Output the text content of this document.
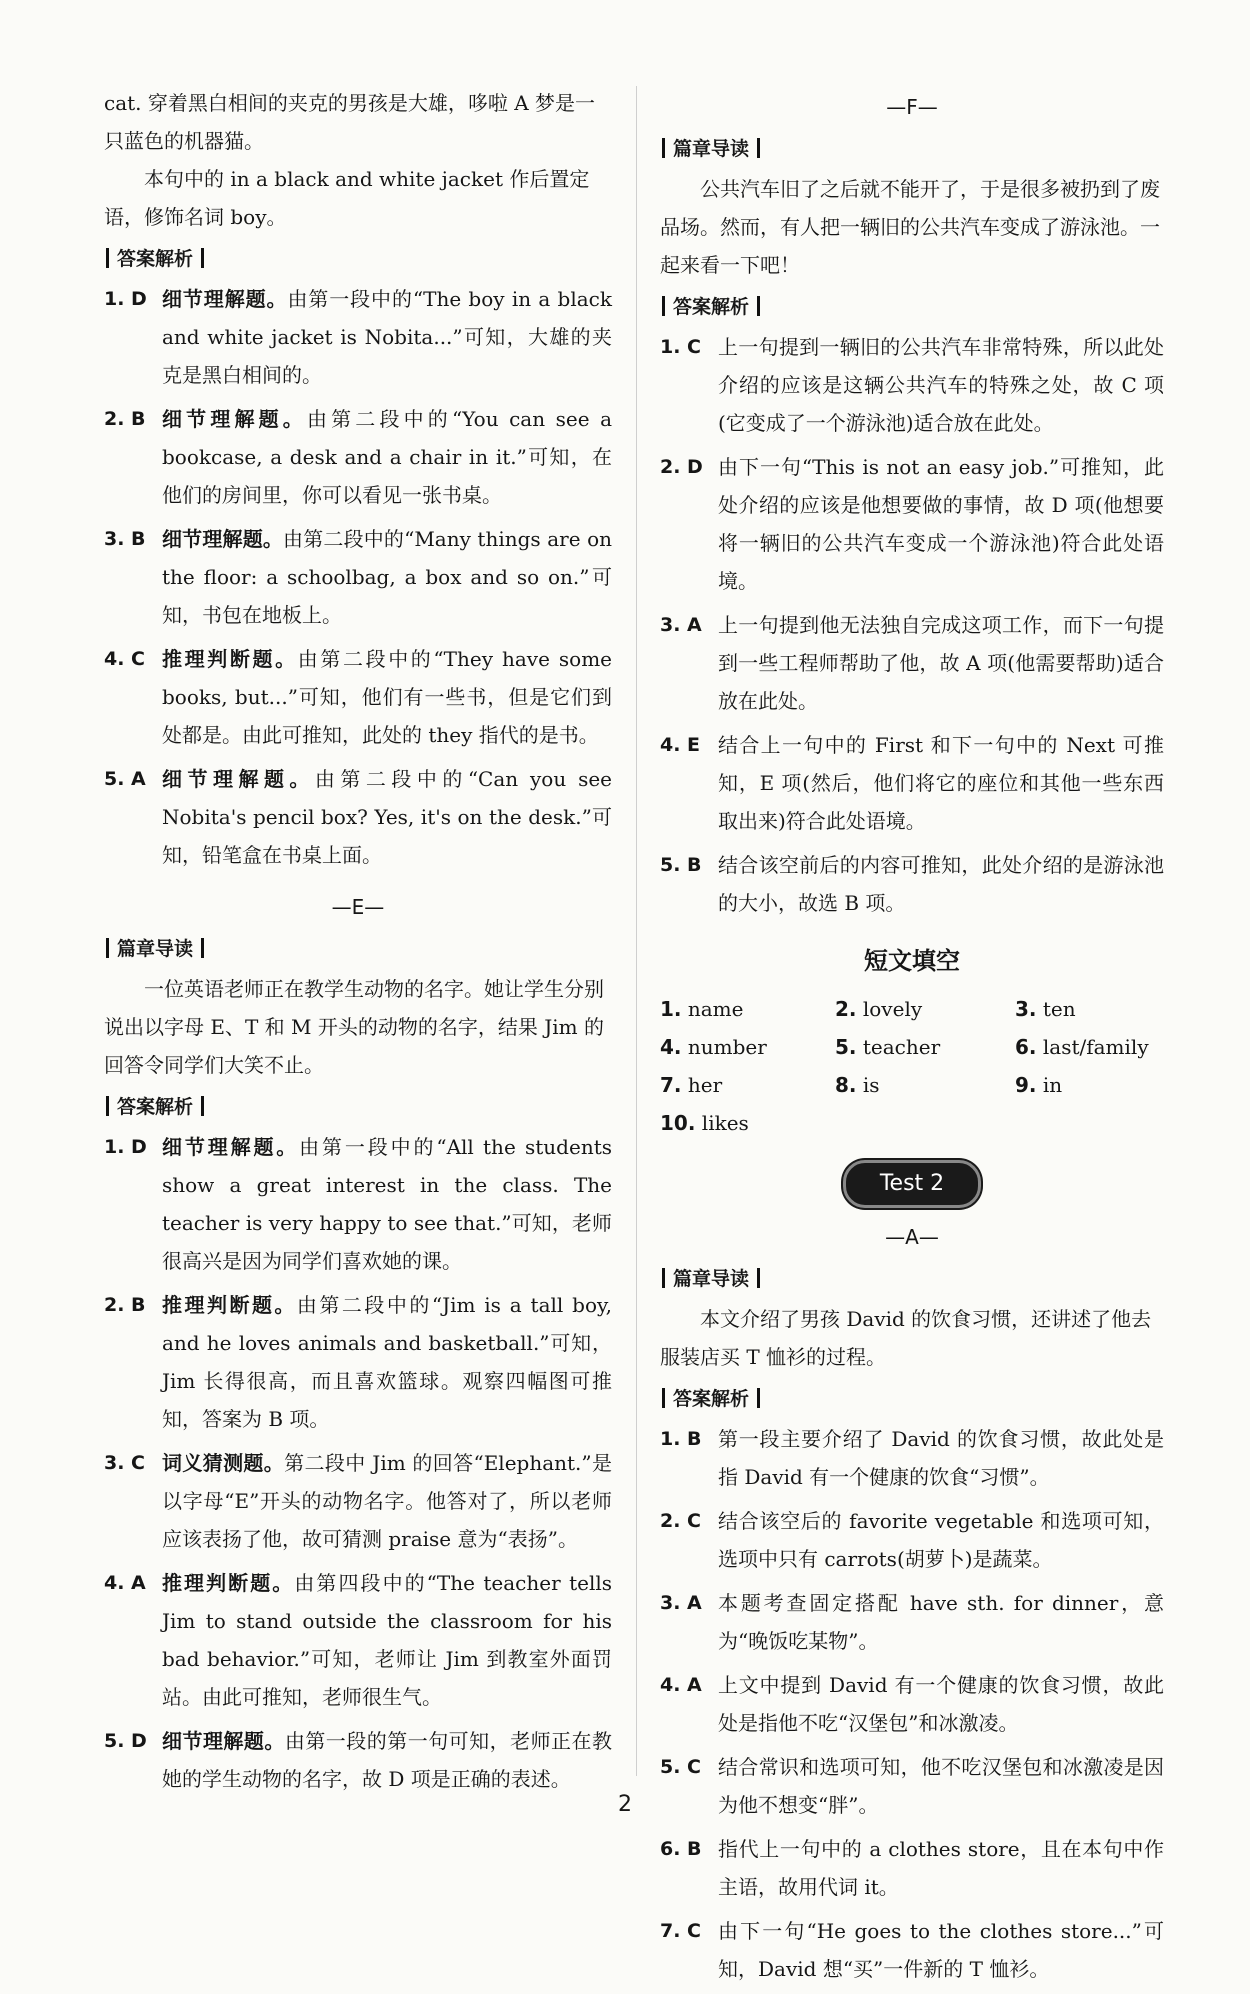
cat. 穿着黑白相间的夹克的男孩是大雄，哆啦 A 梦是一只蓝色的机器猫。

本句中的 in a black and white jacket 作后置定语，修饰名词 boy。

答案解析
1. D 细节理解题。由第一段中的“The boy in a black and white jacket is Nobita...”可知，大雄的夹克是黑白相间的。
2. B 细节理解题。由第二段中的“You can see a bookcase, a desk and a chair in it.”可知，在他们的房间里，你可以看见一张书桌。
3. B 细节理解题。由第二段中的“Many things are on the floor: a schoolbag, a box and so on.”可知，书包在地板上。
4. C 推理判断题。由第二段中的“They have some books, but...”可知，他们有一些书，但是它们到处都是。由此可推知，此处的 they 指代的是书。
5. A 细节理解题。由第二段中的“Can you see Nobita's pencil box? Yes, it's on the desk.”可知，铅笔盒在书桌上面。
—E—
篇章导读

一位英语老师正在教学生动物的名字。她让学生分别说出以字母 E、T 和 M 开头的动物的名字，结果 Jim 的回答令同学们大笑不止。

答案解析
1. D 细节理解题。由第一段中的“All the students show a great interest in the class. The teacher is very happy to see that.”可知，老师很高兴是因为同学们喜欢她的课。
2. B 推理判断题。由第二段中的“Jim is a tall boy, and he loves animals and basketball.”可知，Jim 长得很高，而且喜欢篮球。观察四幅图可推知，答案为 B 项。
3. C 词义猜测题。第二段中 Jim 的回答“Elephant.”是以字母“E”开头的动物名字。他答对了，所以老师应该表扬了他，故可猜测 praise 意为“表扬”。
4. A 推理判断题。由第四段中的“The teacher tells Jim to stand outside the classroom for his bad behavior.”可知，老师让 Jim 到教室外面罚站。由此可推知，老师很生气。
5. D 细节理解题。由第一段的第一句可知，老师正在教她的学生动物的名字，故 D 项是正确的表述。
—F—
篇章导读

公共汽车旧了之后就不能开了，于是很多被扔到了废品场。然而，有人把一辆旧的公共汽车变成了游泳池。一起来看一下吧！

答案解析
1. C 上一句提到一辆旧的公共汽车非常特殊，所以此处介绍的应该是这辆公共汽车的特殊之处，故 C 项(它变成了一个游泳池)适合放在此处。
2. D 由下一句“This is not an easy job.”可推知，此处介绍的应该是他想要做的事情，故 D 项(他想要将一辆旧的公共汽车变成一个游泳池)符合此处语境。
3. A 上一句提到他无法独自完成这项工作，而下一句提到一些工程师帮助了他，故 A 项(他需要帮助)适合放在此处。
4. E 结合上一句中的 First 和下一句中的 Next 可推知，E 项(然后，他们将它的座位和其他一些东西取出来)符合此处语境。
5. B 结合该空前后的内容可推知，此处介绍的是游泳池的大小，故选 B 项。
短文填空
1. name	2. lovely	3. ten
4. number	5. teacher	6. last/family
7. her	8. is	9. in
10. likes
Test 2
—A—
篇章导读

本文介绍了男孩 David 的饮食习惯，还讲述了他去服装店买 T 恤衫的过程。

答案解析
1. B 第一段主要介绍了 David 的饮食习惯，故此处是指 David 有一个健康的饮食“习惯”。
2. C 结合该空后的 favorite vegetable 和选项可知，选项中只有 carrots(胡萝卜)是蔬菜。
3. A 本题考查固定搭配 have sth. for dinner，意为“晚饭吃某物”。
4. A 上文中提到 David 有一个健康的饮食习惯，故此处是指他不吃“汉堡包”和冰激凌。
5. C 结合常识和选项可知，他不吃汉堡包和冰激凌是因为他不想变“胖”。
6. B 指代上一句中的 a clothes store，且在本句中作主语，故用代词 it。
7. C 由下一句“He goes to the clothes store...”可知，David 想“买”一件新的 T 恤衫。
2
